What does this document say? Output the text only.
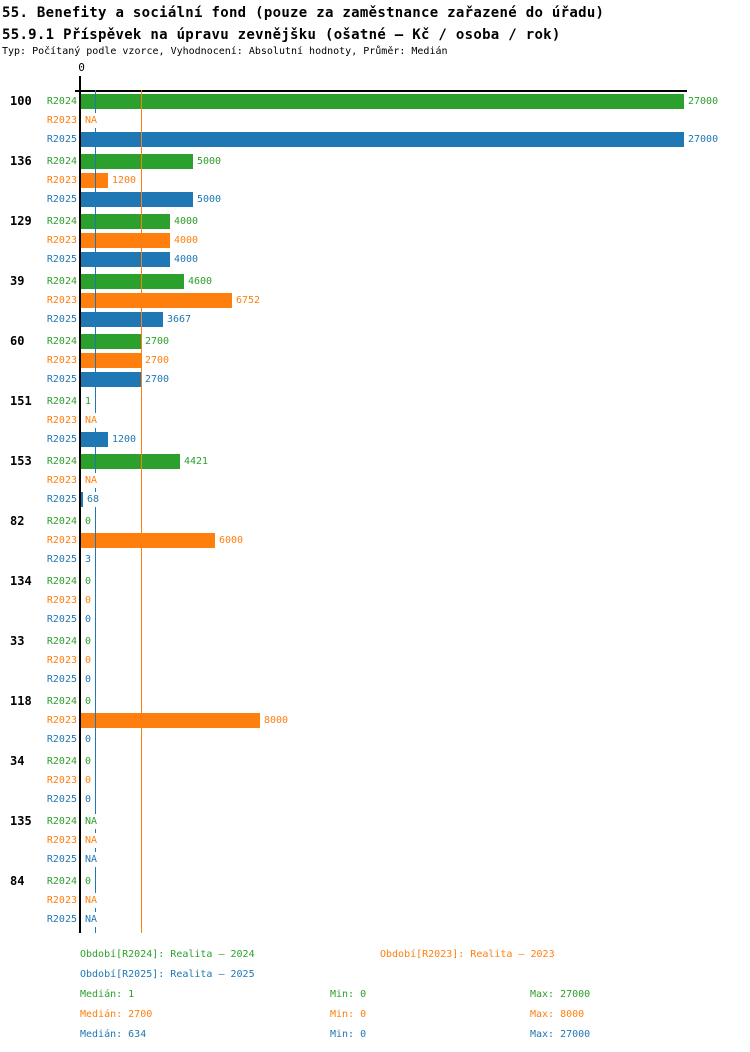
55. Benefity a sociální fond (pouze za zaměstnance zařazené do úřadu)
55.9.1 Příspěvek na úpravu zevnějšku (ošatné – Kč / osoba / rok)
Typ: Počítaný podle vzorce, Vyhodnocení: Absolutní hodnoty, Průměr: Medián
0
100	R2024	27000
R2023 NA
R2025	27000
136	R2024	5000
R2023	1200
R2025	5000
129	R2024	4000
R2023	4000
R2025	4000
39	R2024	4600
R2023	6752
R2025	3667
60	R2024	2700
R2023	2700
R2025	2700
151	R2024 1
R2023 NA
R2025	1200
153	R2024	4421
R2023 NA
R2025 68
82	R2024 0
R2023	6000
R2025 3
134	R2024 0
R2023 0
R2025 0
33	R2024 0
R2023 0
R2025 0
118	R2024 0
R2023	8000
R2025 0
34	R2024 0
R2023 0
R2025 0
135	R2024 NA
R2023 NA
R2025 NA
84	R2024 0
R2023 NA
R2025 NA
Období[R2024]: Realita – 2024	Období[R2023]: Realita – 2023
Období[R2025]: Realita – 2025
Medián: 1	Min: 0	Max: 27000
Medián: 2700	Min: 0	Max: 8000
Medián: 634	Min: 0	Max: 27000
